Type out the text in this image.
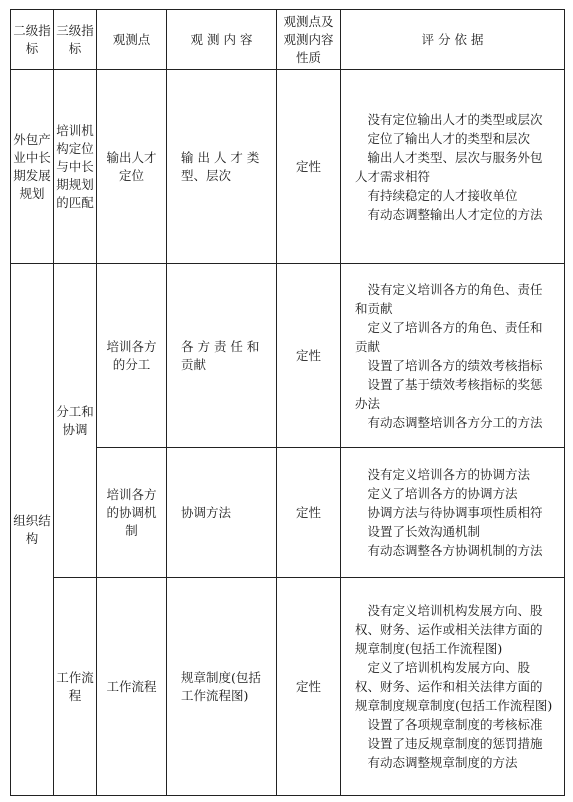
二级指标	三级指标	观测点	观 测 内 容	观测点及观测内容性质	评 分 依 据
外包产业中长期发展规划	培训机构定位与中长期规划的匹配	输出人才定位	输 出 人 才 类型、层次	定性	没有定位输出人才的类型或层次
定位了输出人才的类型和层次
输出人才类型、层次与服务外包人才需求相符
有持续稳定的人才接收单位
有动态调整输出人才定位的方法

组织结构	分工和协调	培训各方的分工	各 方 责 任 和贡献	定性	没有定义培训各方的角色、责任和贡献
定义了培训各方的角色、责任和贡献
设置了培训各方的绩效考核指标
设置了基于绩效考核指标的奖惩办法
有动态调整培训各方分工的方法

		培训各方的协调机制	协调方法	定性	没有定义培训各方的协调方法
定义了培训各方的协调方法
协调方法与待协调事项性质相符
设置了长效沟通机制
有动态调整各方协调机制的方法

	工作流程	工作流程	规章制度(包括工作流程图)	定性	没有定义培训机构发展方向、股权、财务、运作或相关法律方面的规章制度(包括工作流程图)
定义了培训机构发展方向、股权、财务、运作和相关法律方面的规章制度规章制度(包括工作流程图)
设置了各项规章制度的考核标准
设置了违反规章制度的惩罚措施
有动态调整规章制度的方法
